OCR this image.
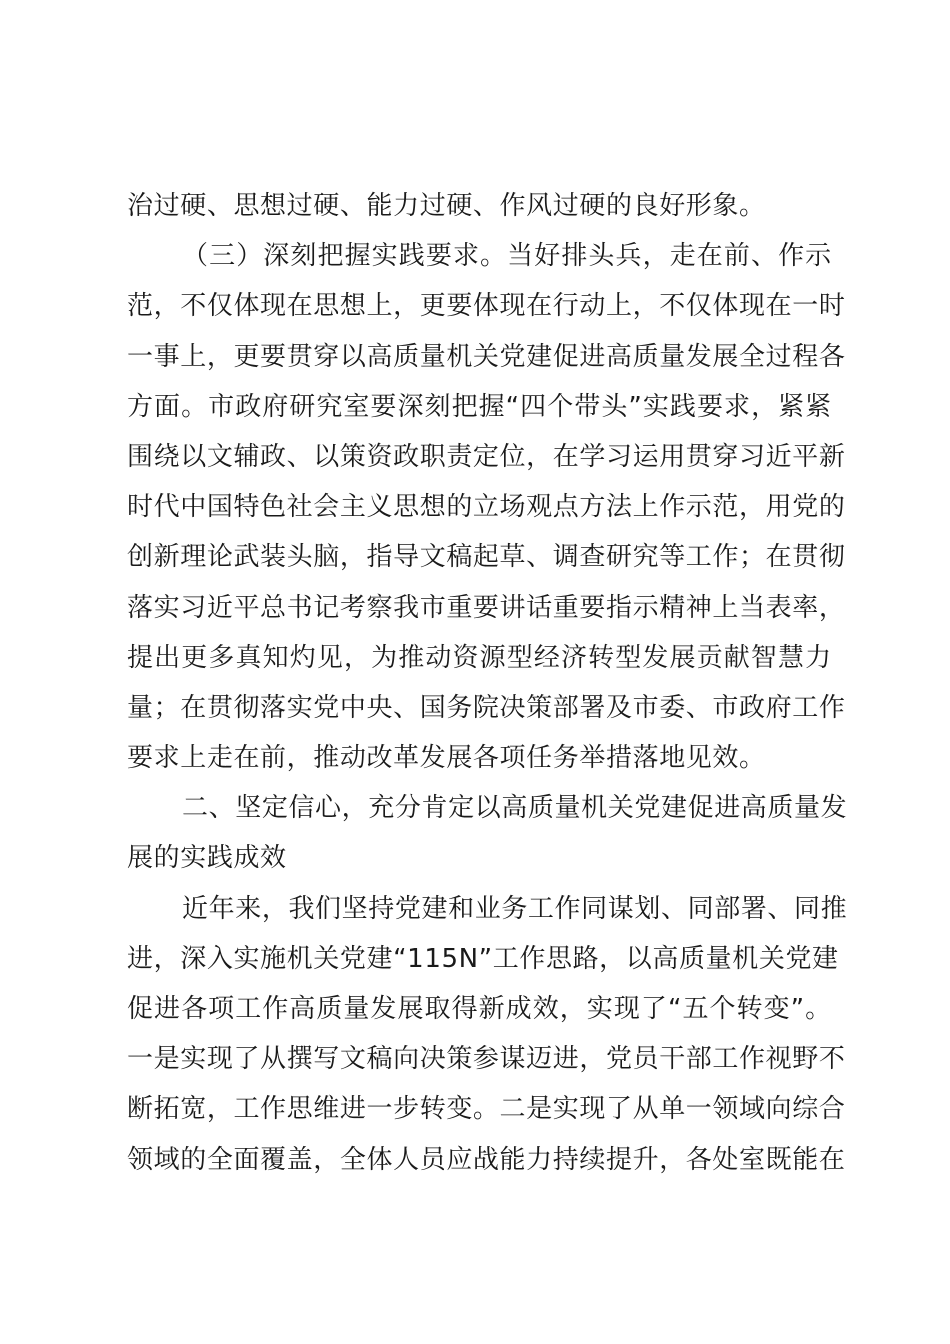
治 过 硬 、 思 想 过 硬 、 能 力 过 硬 、 作 风 过 硬 的 良 好 形 象 。
（ 三 ） 深 刻 把 握 实 践 要 求 。 当 好 排 头 兵 ， 走 在 前 、 作 示
范 ， 不 仅 体 现 在 思 想 上 ， 更 要 体 现 在 行 动 上 ， 不 仅 体 现 在 一 时
一 事 上 ， 更 要 贯 穿 以 高 质 量 机 关 党 建 促 进 高 质 量 发 展 全 过 程 各
方 面 。 市 政 府 研 究 室 要 深 刻 把 握 “ 四 个 带 头 ” 实 践 要 求 ， 紧 紧
围 绕 以 文 辅 政 、 以 策 资 政 职 责 定 位 ， 在 学 习 运 用 贯 穿 习 近 平 新
时 代 中 国 特 色 社 会 主 义 思 想 的 立 场 观 点 方 法 上 作 示 范 ， 用 党 的
创 新 理 论 武 装 头 脑 ， 指 导 文 稿 起 草 、 调 查 研 究 等 工 作 ； 在 贯 彻
落 实 习 近 平 总 书 记 考 察 我 市 重 要 讲 话 重 要 指 示 精 神 上 当 表 率 ，
提 出 更 多 真 知 灼 见 ， 为 推 动 资 源 型 经 济 转 型 发 展 贡 献 智 慧 力
量 ； 在 贯 彻 落 实 党 中 央 、 国 务 院 决 策 部 署 及 市 委 、 市 政 府 工 作
要 求 上 走 在 前 ， 推 动 改 革 发 展 各 项 任 务 举 措 落 地 见 效 。
二 、 坚 定 信 心 ， 充 分 肯 定 以 高 质 量 机 关 党 建 促 进 高 质 量 发
展 的 实 践 成 效
近 年 来 ， 我 们 坚 持 党 建 和 业 务 工 作 同 谋 划 、 同 部 署 、 同 推
进 ， 深 入 实 施 机 关 党 建 “ 115N ” 工 作 思 路 ， 以 高 质 量 机 关 党 建
促 进 各 项 工 作 高 质 量 发 展 取 得 新 成 效 ， 实 现 了 “ 五 个 转 变 ” 。
一 是 实 现 了 从 撰 写 文 稿 向 决 策 参 谋 迈 进 ， 党 员 干 部 工 作 视 野 不
断 拓 宽 ， 工 作 思 维 进 一 步 转 变 。 二 是 实 现 了 从 单 一 领 域 向 综 合
领 域 的 全 面 覆 盖 ， 全 体 人 员 应 战 能 力 持 续 提 升 ， 各 处 室 既 能 在
